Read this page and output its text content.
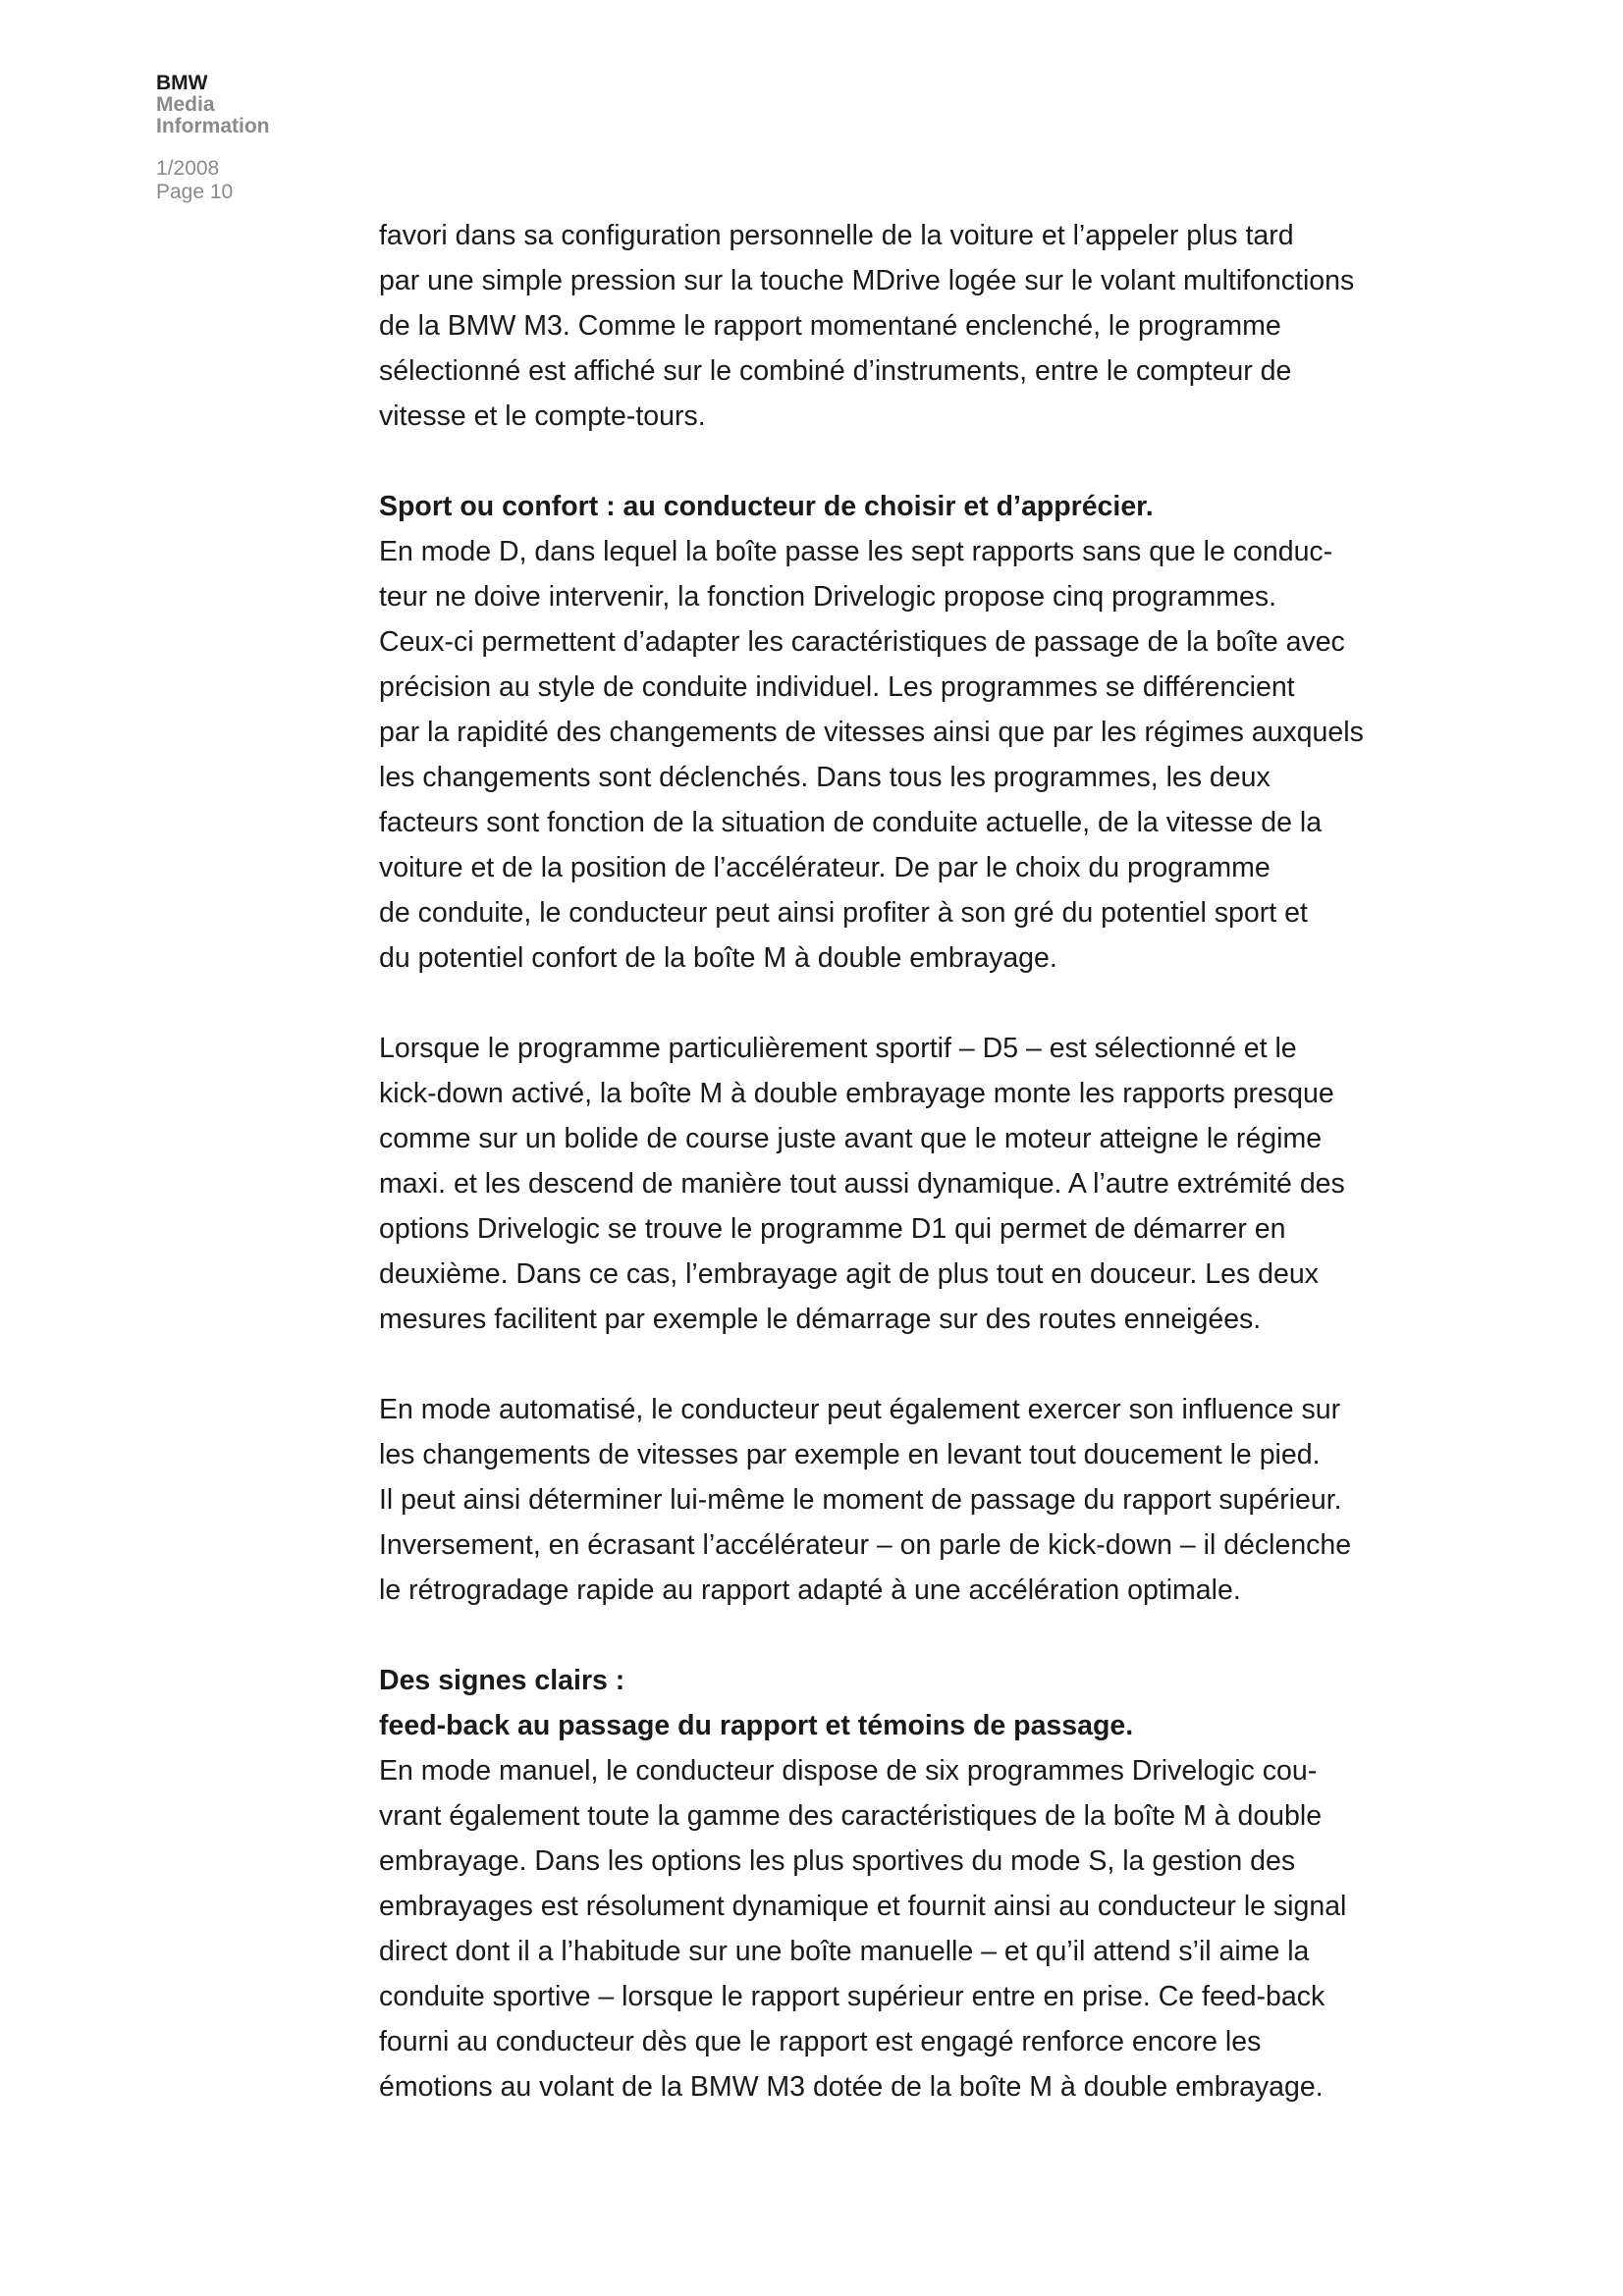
BMW
Media
Information
1/2008
Page 10

favori dans sa configuration personnelle de la voiture et l’appeler plus tard
par une simple pression sur la touche MDrive logée sur le volant multifonctions
de la BMW M3. Comme le rapport momentané enclenché, le programme
sélectionné est affiché sur le combiné d’instruments, entre le compteur de
vitesse et le compte-tours.

Sport ou confort : au conducteur de choisir et d’apprécier.

En mode D, dans lequel la boîte passe les sept rapports sans que le conduc-
teur ne doive intervenir, la fonction Drivelogic propose cinq programmes.
Ceux-ci permettent d’adapter les caractéristiques de passage de la boîte avec
précision au style de conduite individuel. Les programmes se différencient
par la rapidité des changements de vitesses ainsi que par les régimes auxquels
les changements sont déclenchés. Dans tous les programmes, les deux
facteurs sont fonction de la situation de conduite actuelle, de la vitesse de la
voiture et de la position de l’accélérateur. De par le choix du programme
de conduite, le conducteur peut ainsi profiter à son gré du potentiel sport et
du potentiel confort de la boîte M à double embrayage.

Lorsque le programme particulièrement sportif – D5 – est sélectionné et le
kick-down activé, la boîte M à double embrayage monte les rapports presque
comme sur un bolide de course juste avant que le moteur atteigne le régime
maxi. et les descend de manière tout aussi dynamique. A l’autre extrémité des
options Drivelogic se trouve le programme D1 qui permet de démarrer en
deuxième. Dans ce cas, l’embrayage agit de plus tout en douceur. Les deux
mesures facilitent par exemple le démarrage sur des routes enneigées.

En mode automatisé, le conducteur peut également exercer son influence sur
les changements de vitesses par exemple en levant tout doucement le pied.
Il peut ainsi déterminer lui-même le moment de passage du rapport supérieur.
Inversement, en écrasant l’accélérateur – on parle de kick-down – il déclenche
le rétrogradage rapide au rapport adapté à une accélération optimale.

Des signes clairs :

feed-back au passage du rapport et témoins de passage.

En mode manuel, le conducteur dispose de six programmes Drivelogic cou-
vrant également toute la gamme des caractéristiques de la boîte M à double
embrayage. Dans les options les plus sportives du mode S, la gestion des
embrayages est résolument dynamique et fournit ainsi au conducteur le signal
direct dont il a l’habitude sur une boîte manuelle – et qu’il attend s’il aime la
conduite sportive – lorsque le rapport supérieur entre en prise. Ce feed-back
fourni au conducteur dès que le rapport est engagé renforce encore les
émotions au volant de la BMW M3 dotée de la boîte M à double embrayage.
